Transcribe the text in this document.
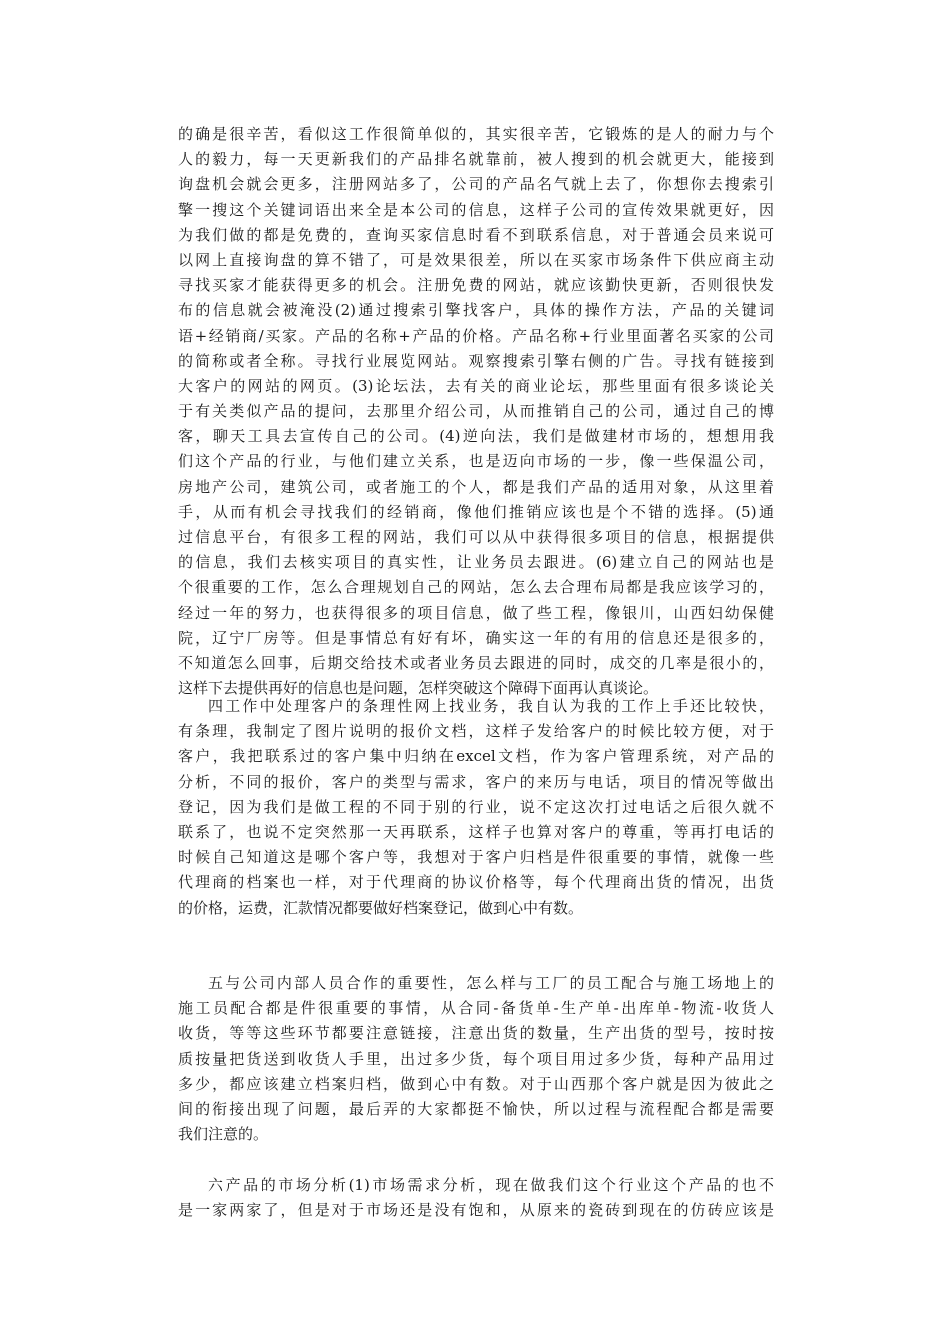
的确是很辛苦，看似这工作很简单似的，其实很辛苦，它锻炼的是人的耐力与个
人的毅力，每一天更新我们的产品排名就靠前，被人搜到的机会就更大，能接到
询盘机会就会更多，注册网站多了，公司的产品名气就上去了，你想你去搜索引
擎一搜这个关键词语出来全是本公司的信息，这样子公司的宣传效果就更好，因
为我们做的都是免费的，查询买家信息时看不到联系信息，对于普通会员来说可
以网上直接询盘的算不错了，可是效果很差，所以在买家市场条件下供应商主动
寻找买家才能获得更多的机会。注册免费的网站，就应该勤快更新，否则很快发
布的信息就会被淹没(2)通过搜索引擎找客户，具体的操作方法，产品的关键词
语+经销商/买家。产品的名称+产品的价格。产品名称+行业里面著名买家的公司
的简称或者全称。寻找行业展览网站。观察搜索引擎右侧的广告。寻找有链接到
大客户的网站的网页。(3)论坛法，去有关的商业论坛，那些里面有很多谈论关
于有关类似产品的提问，去那里介绍公司，从而推销自己的公司，通过自己的博
客，聊天工具去宣传自己的公司。(4)逆向法，我们是做建材市场的，想想用我
们这个产品的行业，与他们建立关系，也是迈向市场的一步，像一些保温公司，
房地产公司，建筑公司，或者施工的个人，都是我们产品的适用对象，从这里着
手，从而有机会寻找我们的经销商，像他们推销应该也是个不错的选择。(5)通
过信息平台，有很多工程的网站，我们可以从中获得很多项目的信息，根据提供
的信息，我们去核实项目的真实性，让业务员去跟进。(6)建立自己的网站也是
个很重要的工作，怎么合理规划自己的网站，怎么去合理布局都是我应该学习的，
经过一年的努力，也获得很多的项目信息，做了些工程，像银川，山西妇幼保健
院，辽宁厂房等。但是事情总有好有坏，确实这一年的有用的信息还是很多的，
不知道怎么回事，后期交给技术或者业务员去跟进的同时，成交的几率是很小的，
这样下去提供再好的信息也是问题，怎样突破这个障碍下面再认真谈论。
四工作中处理客户的条理性网上找业务，我自认为我的工作上手还比较快，
有条理，我制定了图片说明的报价文档，这样子发给客户的时候比较方便，对于
客户，我把联系过的客户集中归纳在excel文档，作为客户管理系统，对产品的
分析，不同的报价，客户的类型与需求，客户的来历与电话，项目的情况等做出
登记，因为我们是做工程的不同于别的行业，说不定这次打过电话之后很久就不
联系了，也说不定突然那一天再联系，这样子也算对客户的尊重，等再打电话的
时候自己知道这是哪个客户等，我想对于客户归档是件很重要的事情，就像一些
代理商的档案也一样，对于代理商的协议价格等，每个代理商出货的情况，出货
的价格，运费，汇款情况都要做好档案登记，做到心中有数。
五与公司内部人员合作的重要性，怎么样与工厂的员工配合与施工场地上的
施工员配合都是件很重要的事情，从合同-备货单-生产单-出库单-物流-收货人
收货，等等这些环节都要注意链接，注意出货的数量，生产出货的型号，按时按
质按量把货送到收货人手里，出过多少货，每个项目用过多少货，每种产品用过
多少，都应该建立档案归档，做到心中有数。对于山西那个客户就是因为彼此之
间的衔接出现了问题，最后弄的大家都挺不愉快，所以过程与流程配合都是需要
我们注意的。
六产品的市场分析(1)市场需求分析，现在做我们这个行业这个产品的也不
是一家两家了，但是对于市场还是没有饱和，从原来的瓷砖到现在的仿砖应该是
